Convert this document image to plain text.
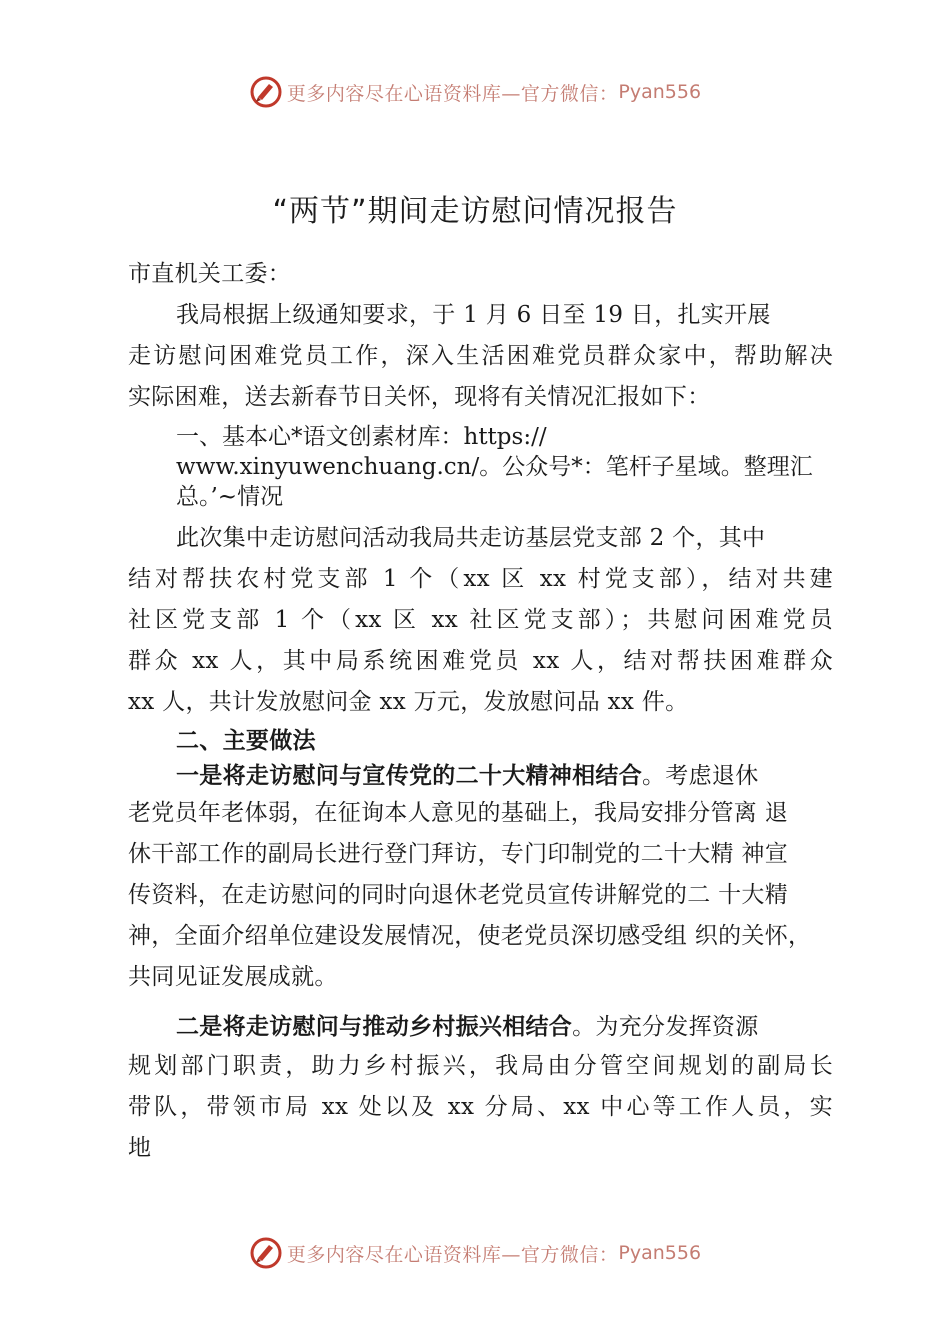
更多内容尽在心语资料库—官方微信： Pyan556
“两节”期间走访慰问情况报告
市直机关工委：
我局根据上级通知要求，于 1 月 6 日至 19 日，扎实开展
走访慰问困难党员工作，深入生活困难党员群众家中，帮助解决
实际困难，送去新春节日关怀，现将有关情况汇报如下：
一、基本心*语文创素材库：https://
www.xinyuwenchuang.cn/。公众号*：笔杆子星域。整理汇
总。’~情况
此次集中走访慰问活动我局共走访基层党支部 2 个，其中
结对帮扶农村党支部 1 个（xx 区 xx 村党支部），结对共建
社区党支部 1 个（xx 区 xx 社区党支部）；共慰问困难党员
群众 xx 人，其中局系统困难党员 xx 人，结对帮扶困难群众
xx 人，共计发放慰问金 xx 万元，发放慰问品 xx 件。
二、主要做法
一是将走访慰问与宣传党的二十大精神相结合。考虑退休
老党员年老体弱，在征询本人意见的基础上，我局安排分管离 退
休干部工作的副局长进行登门拜访，专门印制党的二十大精 神宣
传资料，在走访慰问的同时向退休老党员宣传讲解党的二 十大精
神，全面介绍单位建设发展情况，使老党员深切感受组 织的关怀，
共同见证发展成就。
二是将走访慰问与推动乡村振兴相结合。为充分发挥资源
规划部门职责，助力乡村振兴，我局由分管空间规划的副局长
带队，带领市局 xx 处以及 xx 分局、xx 中心等工作人员，实
地
更多内容尽在心语资料库—官方微信： Pyan556
